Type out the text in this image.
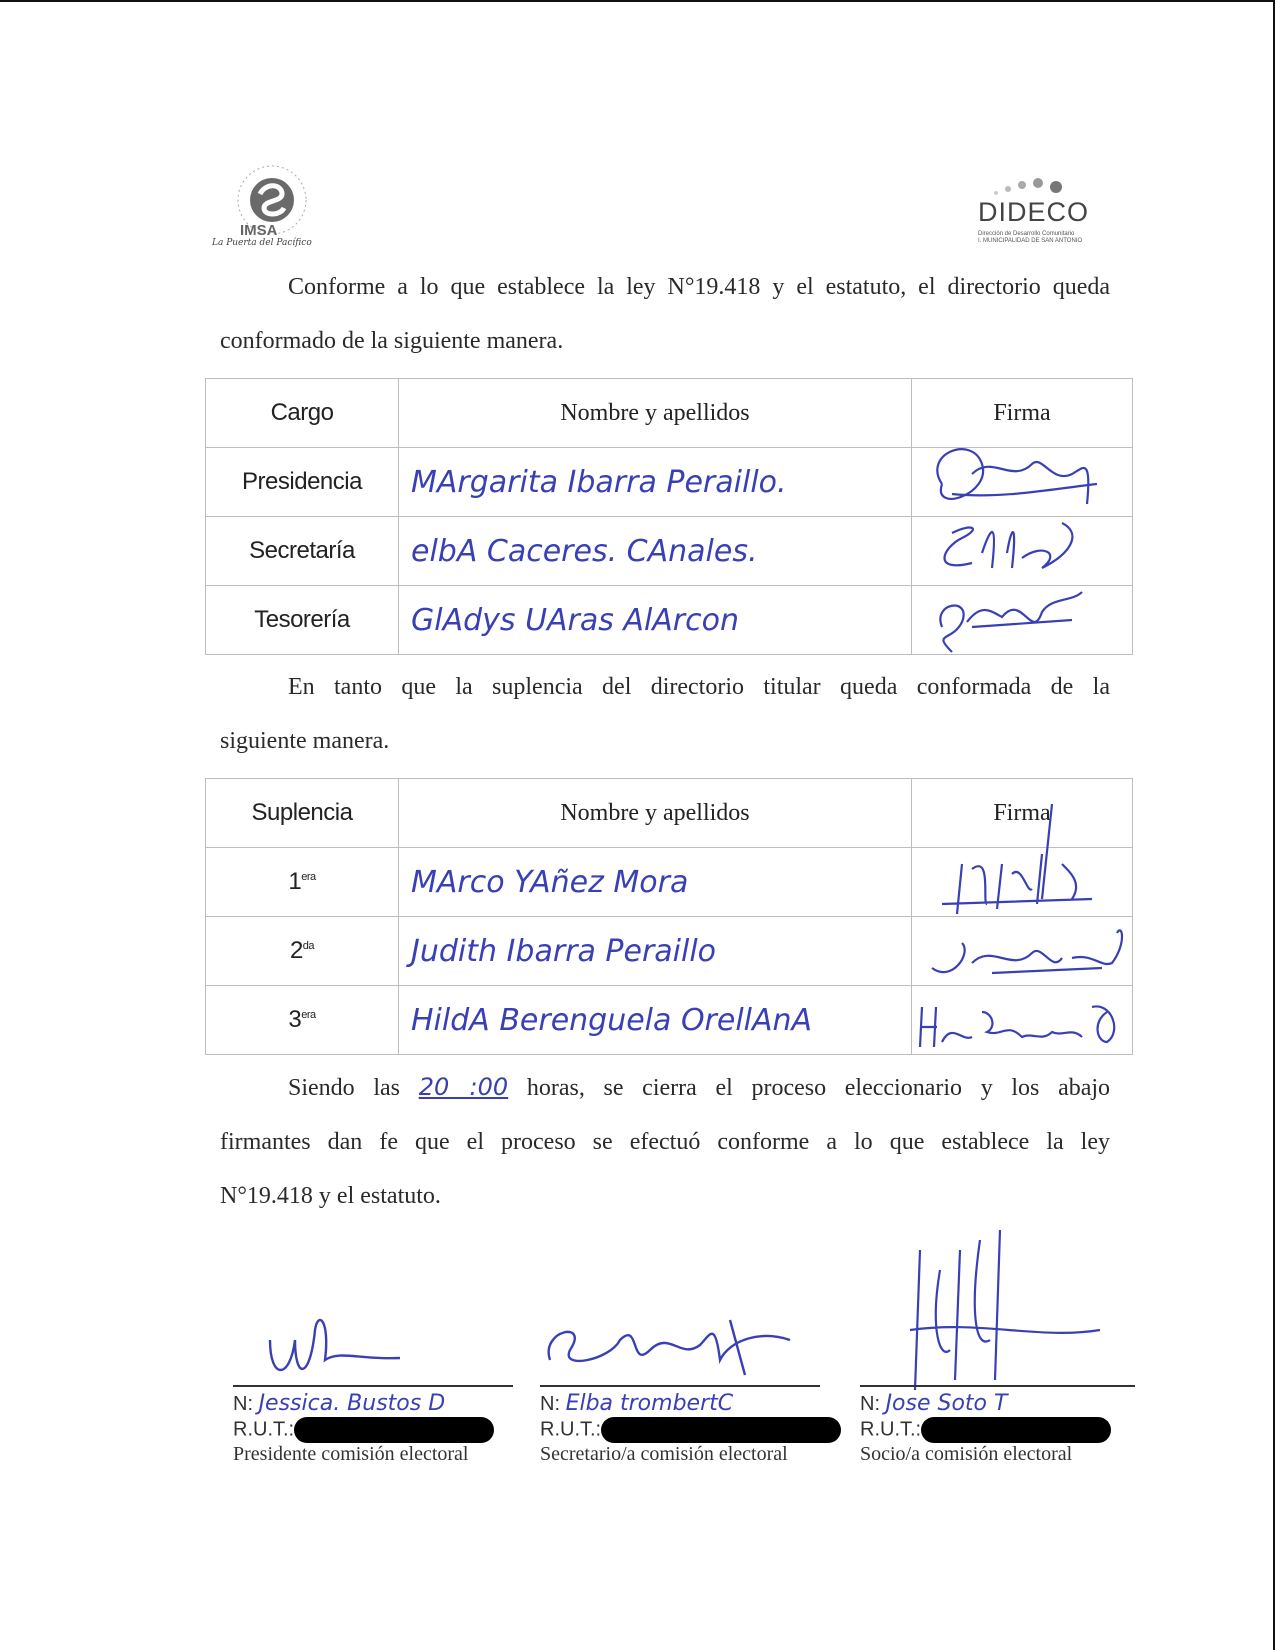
IMSA
La Puerta del Pacífico
DIDECO
Dirección de Desarrollo Comunitario
I. MUNICIPALIDAD DE SAN ANTONIO
Conforme a lo que establece la ley N°19.418 y el estatuto, el directorio queda
conformado de la siguiente manera.
Cargo	Nombre y apellidos	Firma
Presidencia	MArgarita Ibarra Peraillo.	

Secretaría	elbA Caceres. CAnales.	

Tesorería	GlAdys UAras AlArcon	
En tanto que la suplencia del directorio titular queda conformada de la
siguiente manera.
Suplencia	Nombre y apellidos	Firma
$1^{era}$	MArco YAñez Mora	

$2^{da}$	Judith Ibarra Peraillo	

$3^{era}$	HildA Berenguela OrellAnA	
Siendo las 20 :00 horas, se cierra el proceso eleccionario y los abajo
firmantes dan fe que el proceso se efectuó conforme a lo que establece la ley
N°19.418 y el estatuto.
N: Jessica. Bustos D
R.U.T.:
Presidente comisión electoral
N: Elba trombertC
R.U.T.:
Secretario/a comisión electoral
N: Jose Soto T
R.U.T.:
Socio/a comisión electoral
